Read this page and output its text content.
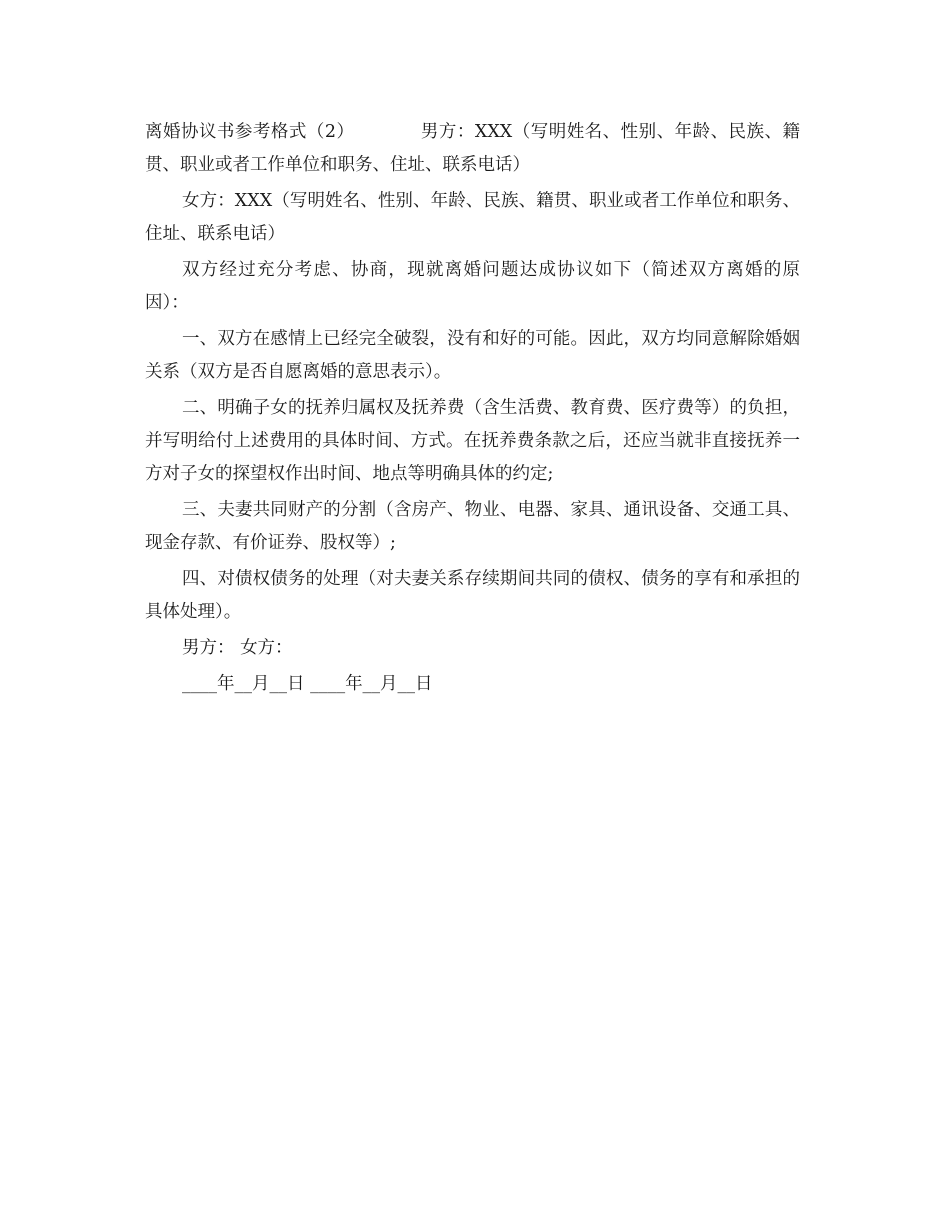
离婚协议书参考格式（2）	男方：XXX（写明姓名、性别、年龄、民族、籍贯、职业或者工作单位和职务、住址、联系电话）

女方：XXX（写明姓名、性别、年龄、民族、籍贯、职业或者工作单位和职务、住址、联系电话）

双方经过充分考虑、协商，现就离婚问题达成协议如下（简述双方离婚的原因）：

一、双方在感情上已经完全破裂，没有和好的可能。因此，双方均同意解除婚姻关系（双方是否自愿离婚的意思表示）。

二、明确子女的抚养归属权及抚养费（含生活费、教育费、医疗费等）的负担，并写明给付上述费用的具体时间、方式。在抚养费条款之后，还应当就非直接抚养一方对子女的探望权作出时间、地点等明确具体的约定;

三、夫妻共同财产的分割（含房产、物业、电器、家具、通讯设备、交通工具、现金存款、有价证券、股权等）;

四、对债权债务的处理（对夫妻关系存续期间共同的债权、债务的享有和承担的具体处理）。

男方： 女方：

____年__月__日 ____年__月__日
